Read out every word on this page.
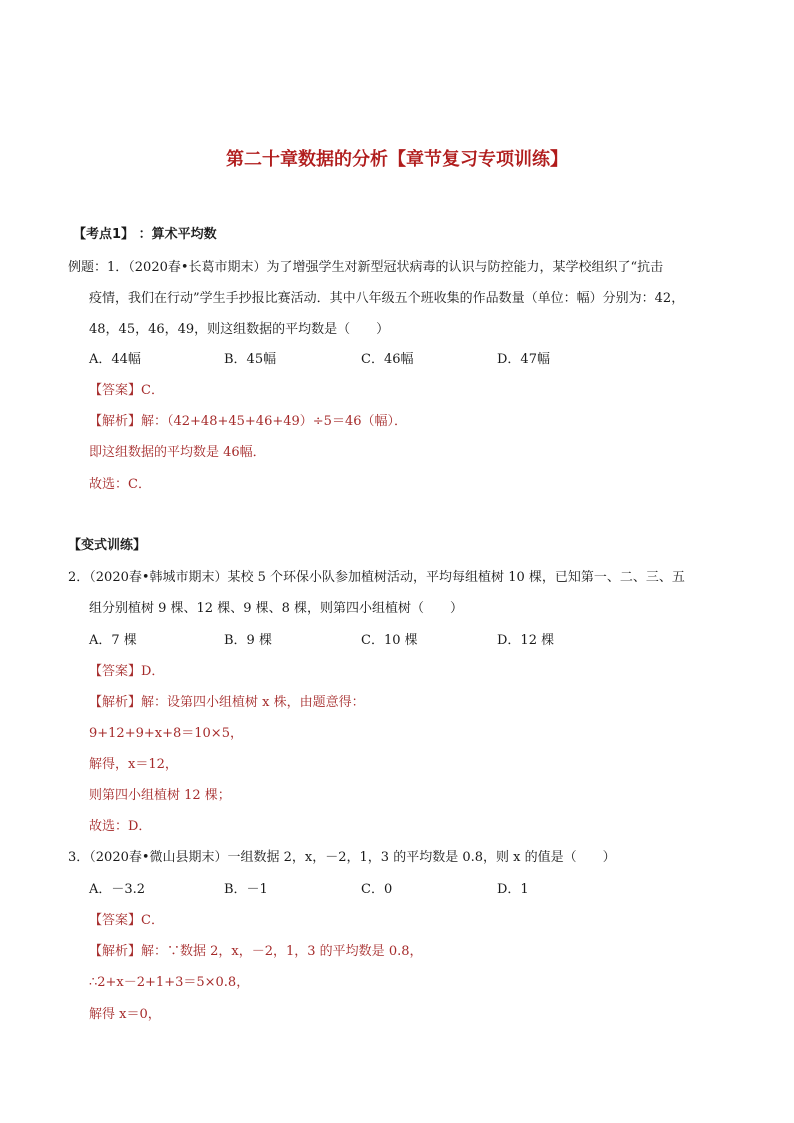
第二十章数据的分析【章节复习专项训练】
【考点1】 ：算术平均数
例题：1．（2020春•长葛市期末）为了增强学生对新型冠状病毒的认识与防控能力，某学校组织了“抗击
疫情，我们在行动”学生手抄报比赛活动．其中八年级五个班收集的作品数量（单位：幅）分别为：42，
48，45，46，49，则这组数据的平均数是（　　）
A．44幅	B．45幅	C．46幅	D．47幅
【答案】C．
【解析】解：（42+48+45+46+49）÷5＝46（幅）．
即这组数据的平均数是 46幅．
故选：C．
【变式训练】
2．（2020春•韩城市期末）某校 5 个环保小队参加植树活动，平均每组植树 10 棵，已知第一、二、三、五
组分别植树 9 棵、12 棵、9 棵、8 棵，则第四小组植树（　　）
A．7 棵	B．9 棵	C．10 棵	D．12 棵
【答案】D．
【解析】解：设第四小组植树 x 株，由题意得：
9+12+9+x+8＝10×5，
解得，x＝12，
则第四小组植树 12 棵；
故选：D．
3．（2020春•微山县期末）一组数据 2，x，－2，1，3 的平均数是 0.8，则 x 的值是（　　）
A．－3.2	B．－1	C．0	D．1
【答案】C．
【解析】解：∵数据 2，x，－2，1，3 的平均数是 0.8，
∴2+x－2+1+3＝5×0.8，
解得 x＝0，
